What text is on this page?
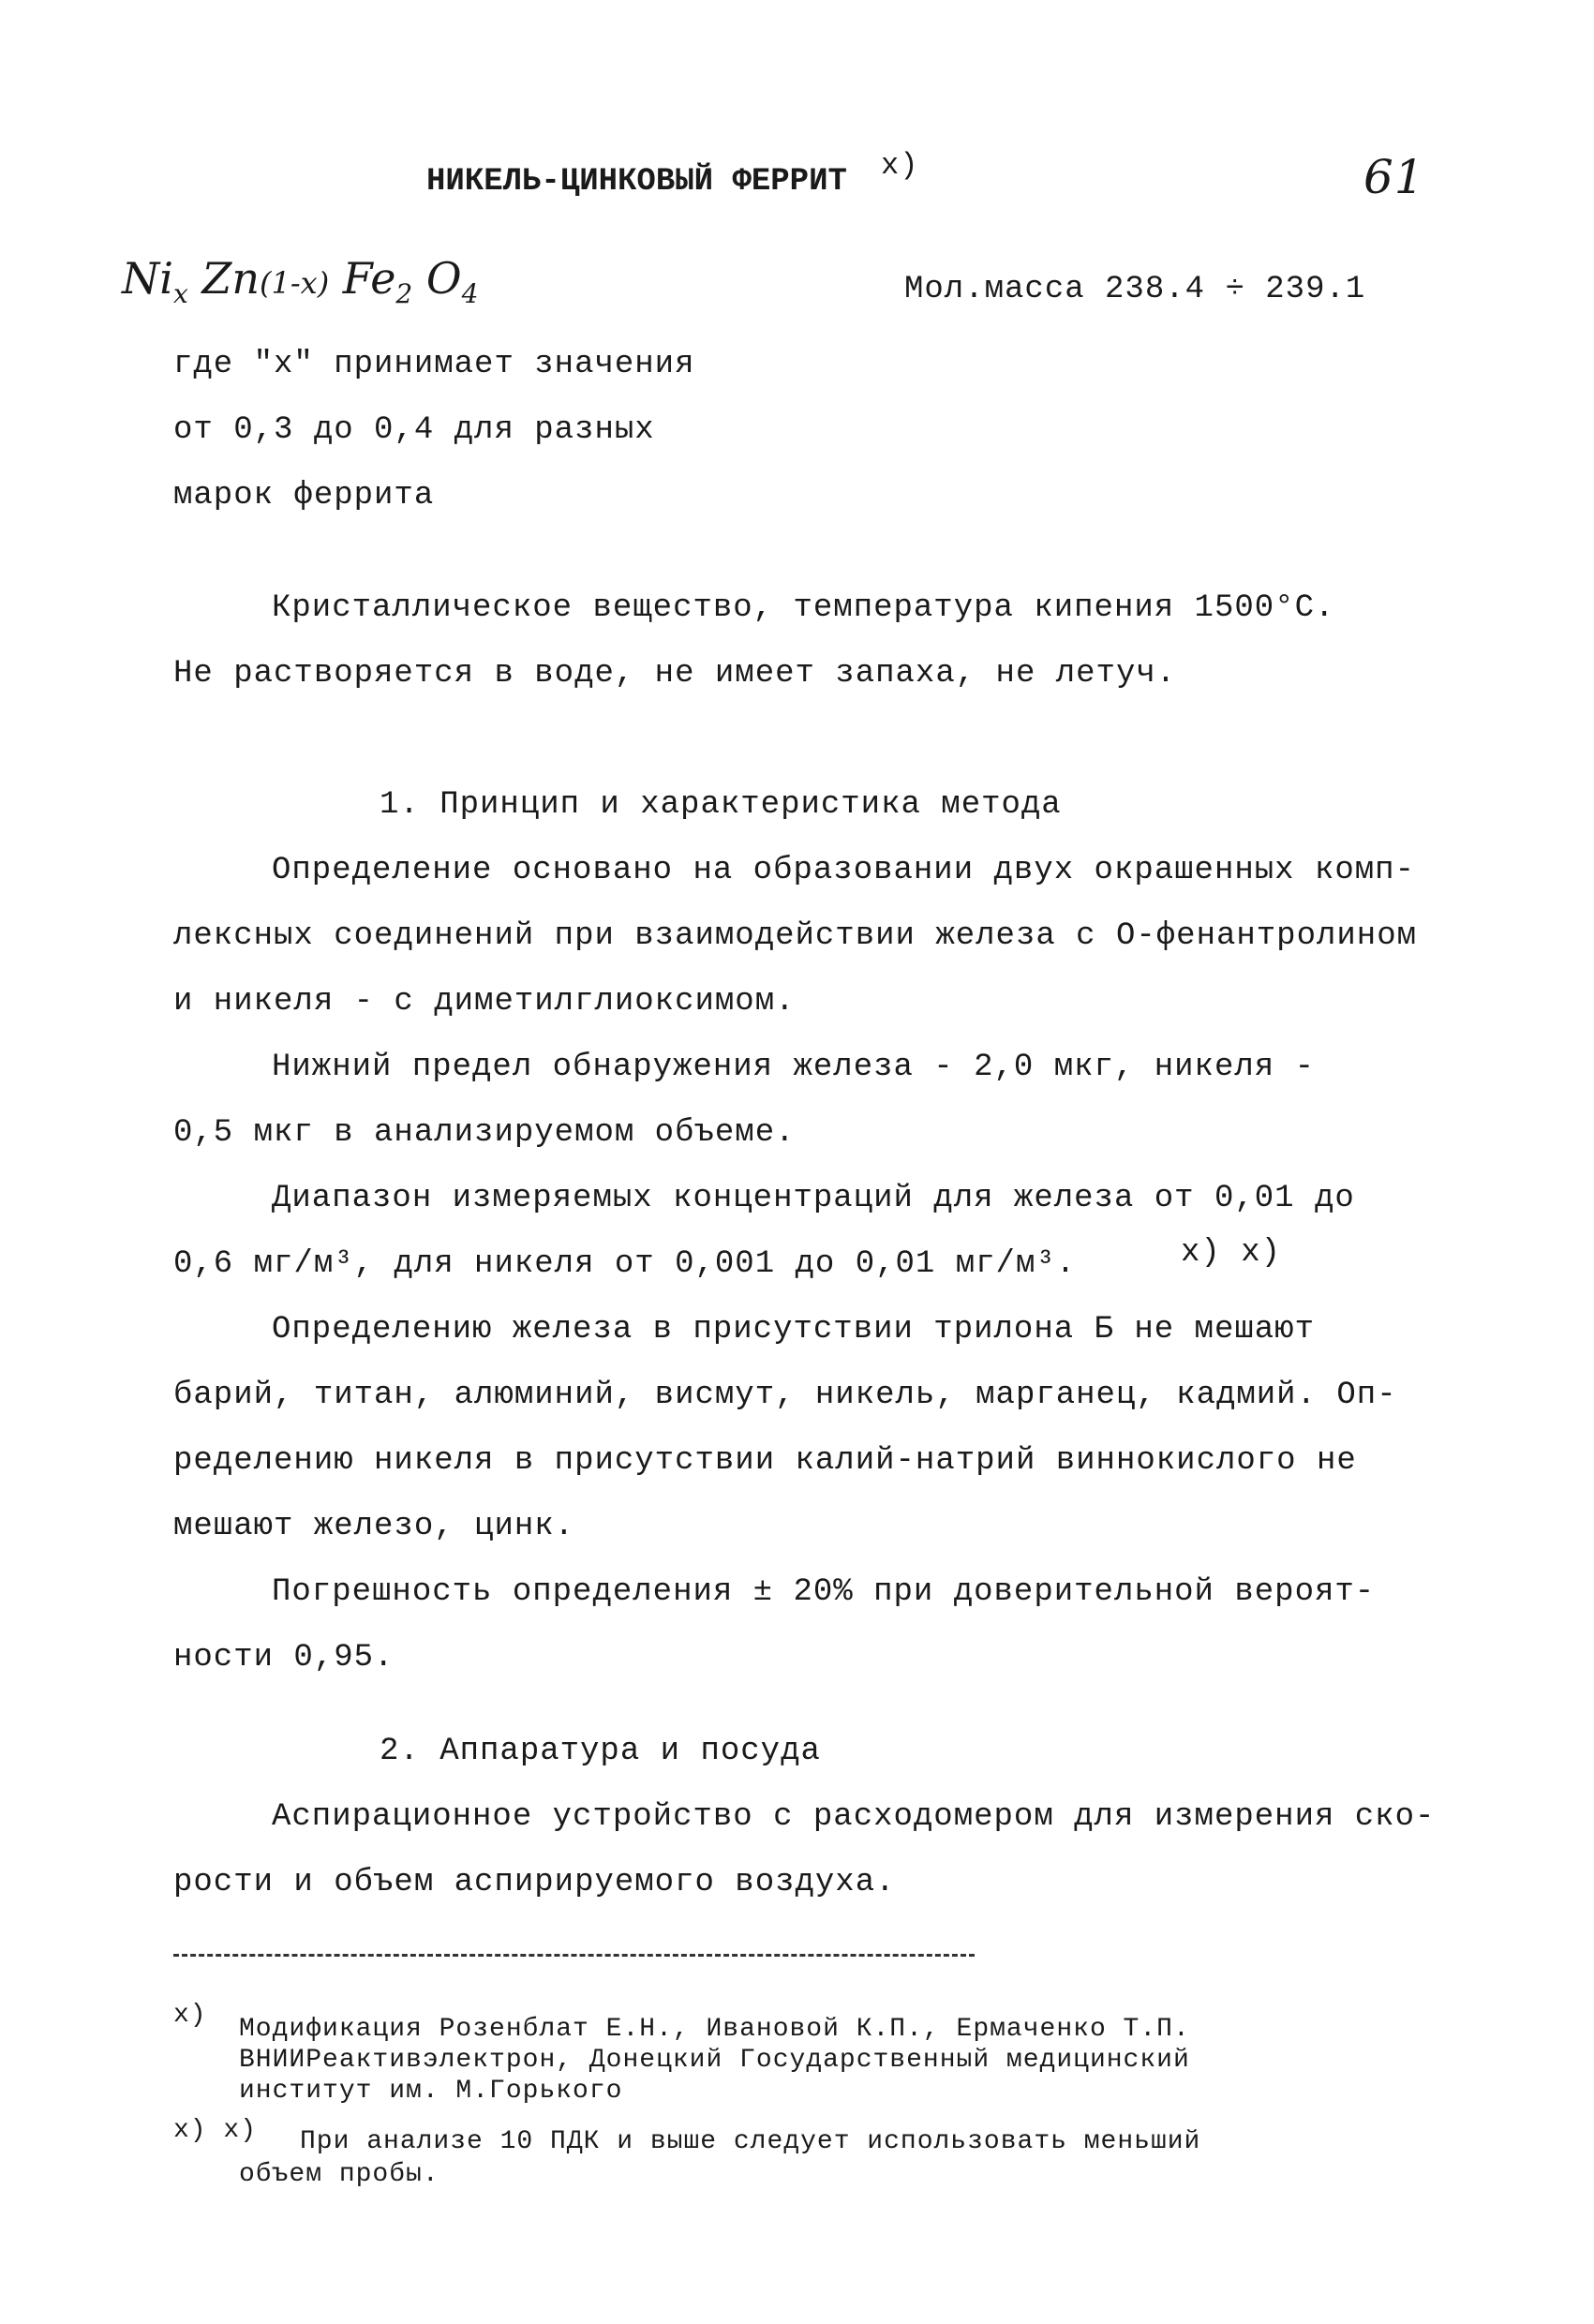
НИКЕЛЬ-ЦИНКОВЫЙ ФЕРРИТ x)	61
$Ni_x$ Zn(1-x) $Fe_2$ $O_4$	Мол.масса 238.4 ÷ 239.1
где "х" принимает значения
от 0,3 до 0,4 для разных
марок феррита
Кристаллическое вещество, температура кипения 1500°С.
Не растворяется в воде, не имеет запаха, не летуч.
1. Принцип и характеристика метода
Определение основано на образовании двух окрашенных комп-
лексных соединений при взаимодействии железа с О-фенантролином
и никеля - с диметилглиоксимом.
Нижний предел обнаружения железа - 2,0 мкг, никеля -
0,5 мкг в анализируемом объеме.
Диапазон измеряемых концентраций для железа от 0,01 до
0,6 мг/м³, для никеля от 0,001 до 0,01 мг/м³.	x) x)
Определению железа в присутствии трилона Б не мешают
барий, титан, алюминий, висмут, никель, марганец, кадмий. Оп-
ределению никеля в присутствии калий-натрий виннокислого не
мешают железо, цинк.
Погрешность определения ± 20% при доверительной вероят-
ности 0,95.
2. Аппаратура и посуда
Аспирационное устройство с расходомером для измерения ско-
рости и объем аспирируемого воздуха.
x) Модификация Розенблат Е.Н., Ивановой К.П., Ермаченко Т.П.
ВНИИРеактивэлектрон, Донецкий Государственный медицинский
институт им. М.Горького
x) x) При анализе 10 ПДК и выше следует использовать меньший
объем пробы.
